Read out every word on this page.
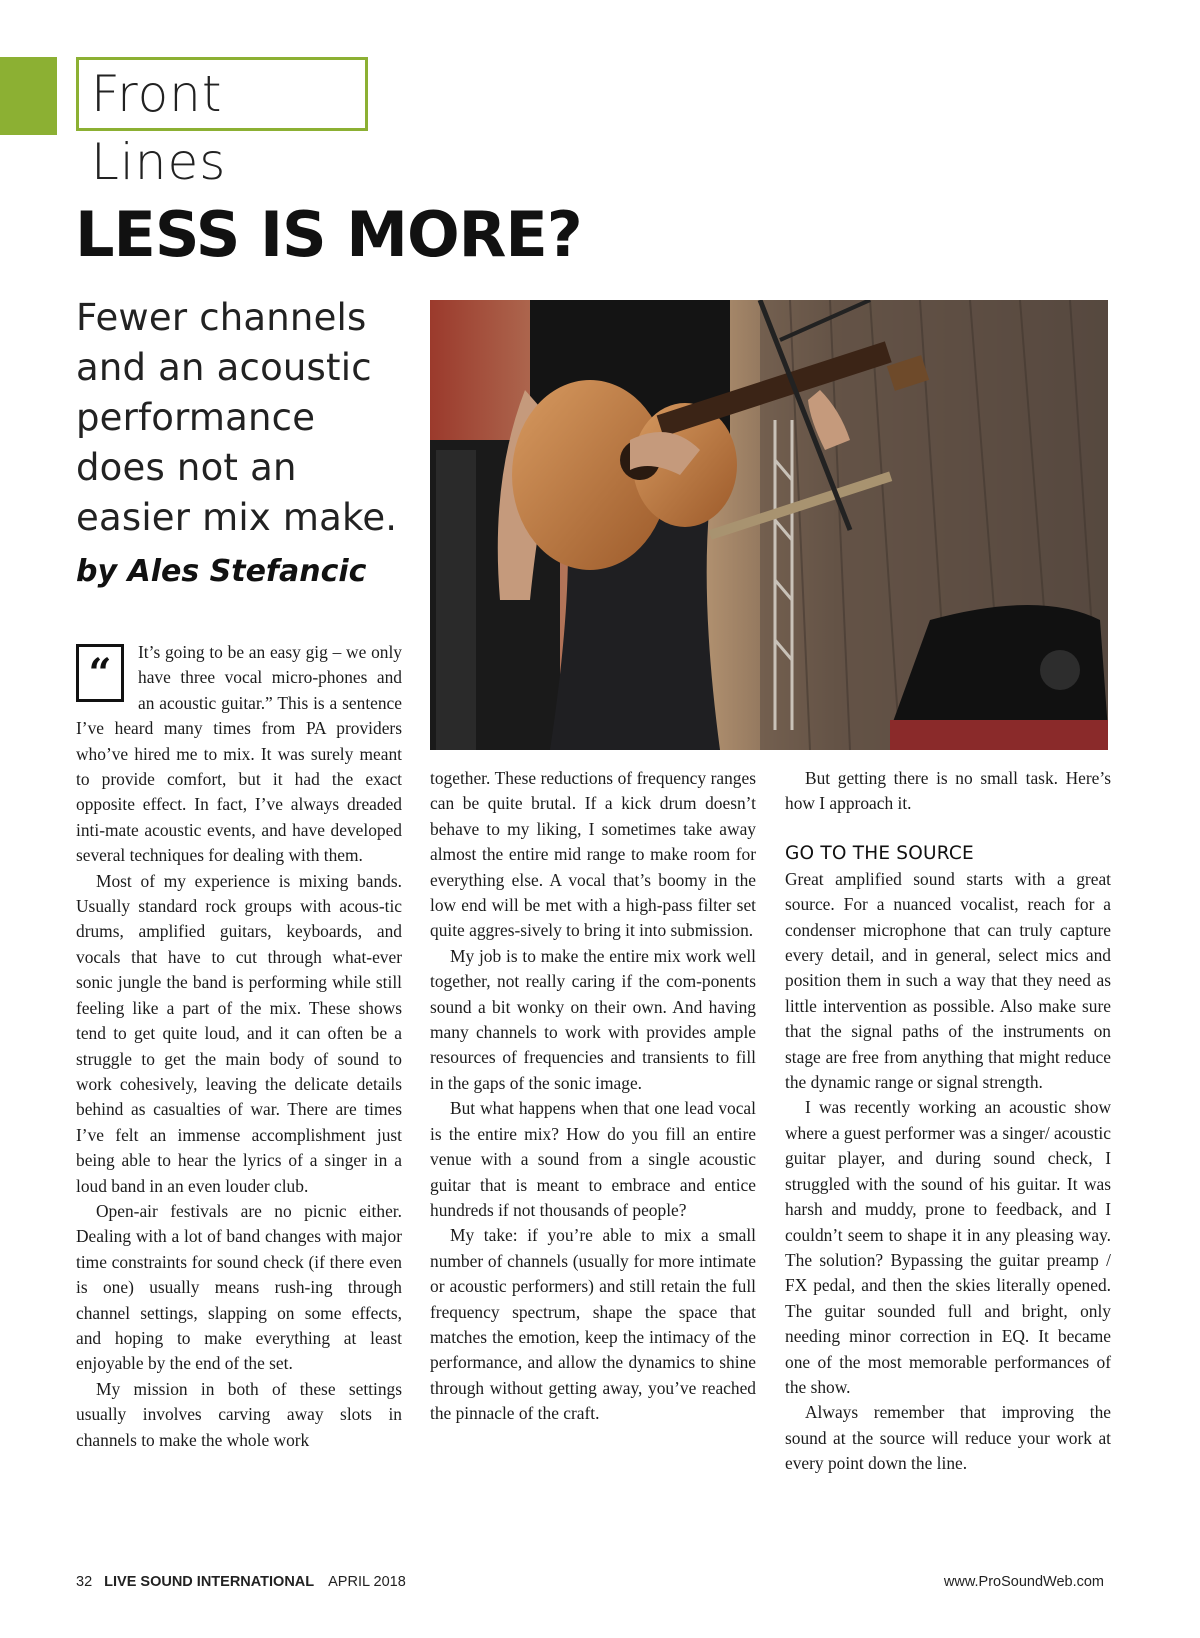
Front Lines
LESS IS MORE?

Fewer channels and an acoustic performance does not an easier mix make.

by Ales Stefancic

“	It’s going to be an easy gig – we only have three vocal micro-phones and an acoustic guitar.” This is a sentence I’ve heard many times from PA providers who’ve hired me to mix. It was surely meant to provide comfort, but it had the exact opposite effect. In fact, I’ve always dreaded inti-mate acoustic events, and have developed several techniques for dealing with them.

Most of my experience is mixing bands. Usually standard rock groups with acous-tic drums, amplified guitars, keyboards, and vocals that have to cut through what-ever sonic jungle the band is performing while still feeling like a part of the mix. These shows tend to get quite loud, and it can often be a struggle to get the main body of sound to work cohesively, leaving the delicate details behind as casualties of war. There are times I’ve felt an immense accomplishment just being able to hear the lyrics of a singer in a loud band in an even louder club.

Open-air festivals are no picnic either. Dealing with a lot of band changes with major time constraints for sound check (if there even is one) usually means rush-ing through channel settings, slapping on some effects, and hoping to make everything at least enjoyable by the end of the set.

My mission in both of these settings usually involves carving away slots in channels to make the whole work

together. These reductions of frequency ranges can be quite brutal. If a kick drum doesn’t behave to my liking, I sometimes take away almost the entire mid range to make room for everything else. A vocal that’s boomy in the low end will be met with a high-pass filter set quite aggres-sively to bring it into submission.

My job is to make the entire mix work well together, not really caring if the com-ponents sound a bit wonky on their own. And having many channels to work with provides ample resources of frequencies and transients to fill in the gaps of the sonic image.

But what happens when that one lead vocal is the entire mix? How do you fill an entire venue with a sound from a single acoustic guitar that is meant to embrace and entice hundreds if not thousands of people?

My take: if you’re able to mix a small number of channels (usually for more intimate or acoustic performers) and still retain the full frequency spectrum, shape the space that matches the emotion, keep the intimacy of the performance, and allow the dynamics to shine through without getting away, you’ve reached the pinnacle of the craft.

But getting there is no small task. Here’s how I approach it.

GO TO THE SOURCE

Great amplified sound starts with a great source. For a nuanced vocalist, reach for a condenser microphone that can truly capture every detail, and in general, select mics and position them in such a way that they need as little intervention as possible. Also make sure that the signal paths of the instruments on stage are free from anything that might reduce the dynamic range or signal strength.

I was recently working an acoustic show where a guest performer was a singer/ acoustic guitar player, and during sound check, I struggled with the sound of his guitar. It was harsh and muddy, prone to feedback, and I couldn’t seem to shape it in any pleasing way. The solution? Bypassing the guitar preamp / FX pedal, and then the skies literally opened. The guitar sounded full and bright, only needing minor correction in EQ. It became one of the most memorable performances of the show.

Always remember that improving the sound at the source will reduce your work at every point down the line.

32 LIVE SOUND INTERNATIONAL APRIL 2018	www.ProSoundWeb.com
